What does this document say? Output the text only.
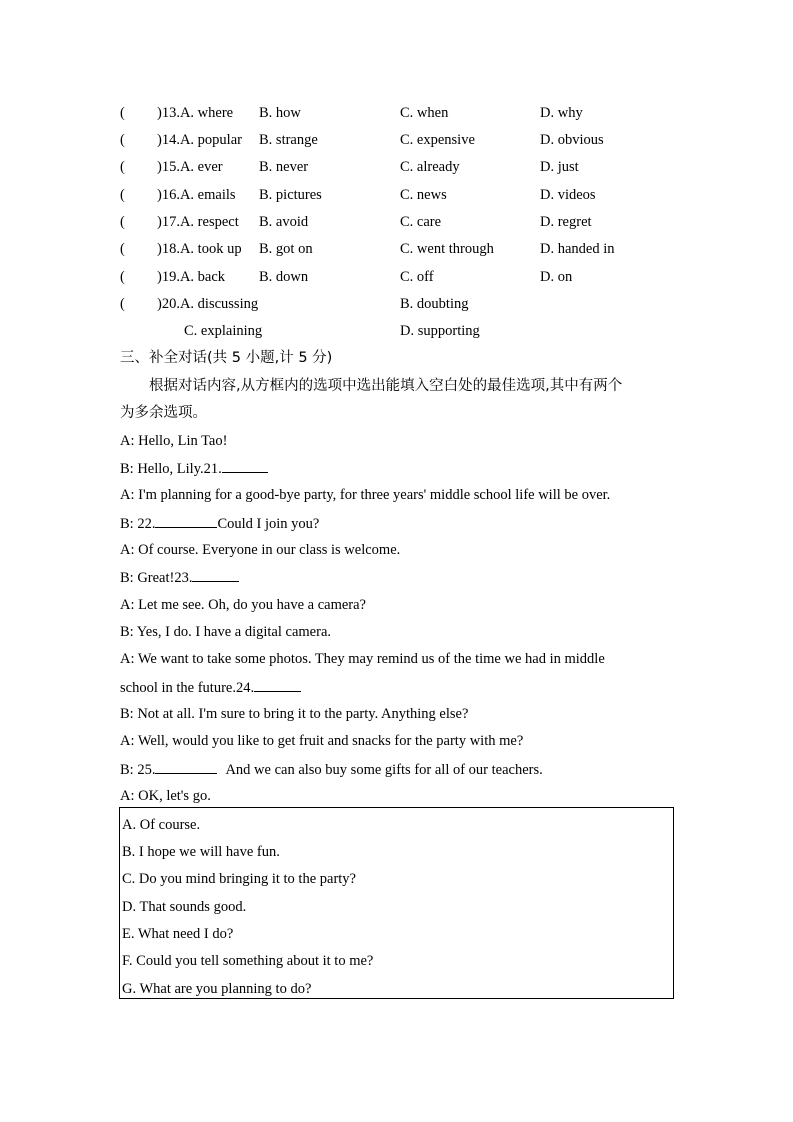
( )13.A. where B. how	C. when	D. why
( )14.A. popular B. strange	C. expensive	D. obvious
( )15.A. ever	B. never	C. already	D. just
( )16.A. emails B. pictures	C. news	D. videos
( )17.A. respect B. avoid	C. care	D. regret
( )18.A. took up B. got on	C. went through	D. handed in
( )19.A. back B. down	C. off	D. on
( )20.A. discussing	B. doubting
C. explaining	D. supporting
三、补全对话(共 5 小题,计 5 分)
根据对话内容,从方框内的选项中选出能填入空白处的最佳选项,其中有两个
为多余选项。
A: Hello, Lin Tao!
B: Hello, Lily.21.
A: I'm planning for a good-bye party, for three years' middle school life will be over.
B: 22.	Could I join you?
A: Of course. Everyone in our class is welcome.
B: Great!23.
A: Let me see. Oh, do you have a camera?
B: Yes, I do. I have a digital camera.
A: We want to take some photos. They may remind us of the time we had in middle
school in the future.24.
B: Not at all. I'm sure to bring it to the party. Anything else?
A: Well, would you like to get fruit and snacks for the party with me?
B: 25.	And we can also buy some gifts for all of our teachers.
A: OK, let's go.
A. Of course.
B. I hope we will have fun.
C. Do you mind bringing it to the party?
D. That sounds good.
E. What need I do?
F. Could you tell something about it to me?
G. What are you planning to do?
